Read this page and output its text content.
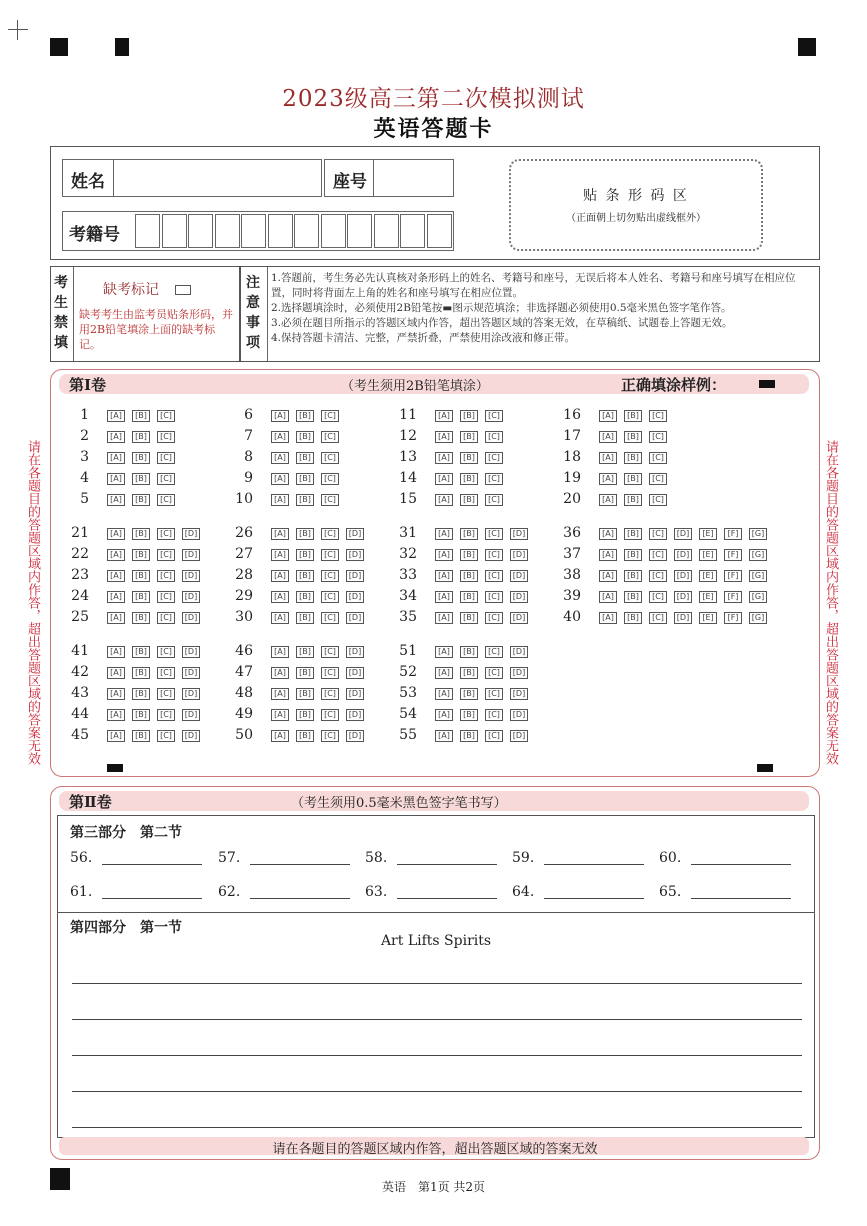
2023级高三第二次模拟测试
英语答题卡
姓名	座号
考籍号
贴 条 形 码 区
（正面朝上切勿贴出虚线框外）
考生禁填
缺考标记
缺考考生由监考员贴条形码，并用2B铅笔填涂上面的缺考标记。
注意事项
1.答题前，考生务必先认真核对条形码上的姓名、考籍号和座号，无误后将本人姓名、考籍号和座号填写在相应位置，同时将背面左上角的姓名和座号填写在相应位置。
2.选择题填涂时，必须使用2B铅笔按▬图示规范填涂；非选择题必须使用0.5毫米黑色签字笔作答。
3.必须在题目所指示的答题区域内作答，超出答题区域的答案无效，在草稿纸、试题卷上答题无效。
4.保持答题卡清洁、完整，严禁折叠，严禁使用涂改液和修正带。
请在各题目的答题区域内作答，超出答题区域的答案无效	请在各题目的答题区域内作答，超出答题区域的答案无效
第Ⅰ卷	（考生须用2B铅笔填涂）	正确填涂样例：
1	[A]	[B]	[C]
2	[A]	[B]	[C]
3	[A]	[B]	[C]
4	[A]	[B]	[C]
5	[A]	[B]	[C]
6	[A]	[B]	[C]
7	[A]	[B]	[C]
8	[A]	[B]	[C]
9	[A]	[B]	[C]
10	[A]	[B]	[C]
11	[A]	[B]	[C]
12	[A]	[B]	[C]
13	[A]	[B]	[C]
14	[A]	[B]	[C]
15	[A]	[B]	[C]
16	[A]	[B]	[C]
17	[A]	[B]	[C]
18	[A]	[B]	[C]
19	[A]	[B]	[C]
20	[A]	[B]	[C]
21	[A]	[B]	[C]	[D]
22	[A]	[B]	[C]	[D]
23	[A]	[B]	[C]	[D]
24	[A]	[B]	[C]	[D]
25	[A]	[B]	[C]	[D]
26	[A]	[B]	[C]	[D]
27	[A]	[B]	[C]	[D]
28	[A]	[B]	[C]	[D]
29	[A]	[B]	[C]	[D]
30	[A]	[B]	[C]	[D]
31	[A]	[B]	[C]	[D]
32	[A]	[B]	[C]	[D]
33	[A]	[B]	[C]	[D]
34	[A]	[B]	[C]	[D]
35	[A]	[B]	[C]	[D]
36	[A]	[B]	[C]	[D]	[E]	[F]	[G]
37	[A]	[B]	[C]	[D]	[E]	[F]	[G]
38	[A]	[B]	[C]	[D]	[E]	[F]	[G]
39	[A]	[B]	[C]	[D]	[E]	[F]	[G]
40	[A]	[B]	[C]	[D]	[E]	[F]	[G]
41	[A]	[B]	[C]	[D]
42	[A]	[B]	[C]	[D]
43	[A]	[B]	[C]	[D]
44	[A]	[B]	[C]	[D]
45	[A]	[B]	[C]	[D]
46	[A]	[B]	[C]	[D]
47	[A]	[B]	[C]	[D]
48	[A]	[B]	[C]	[D]
49	[A]	[B]	[C]	[D]
50	[A]	[B]	[C]	[D]
51	[A]	[B]	[C]	[D]
52	[A]	[B]	[C]	[D]
53	[A]	[B]	[C]	[D]
54	[A]	[B]	[C]	[D]
55	[A]	[B]	[C]	[D]
第Ⅱ卷	（考生须用0.5毫米黑色签字笔书写）
第三部分　第二节
56.	57.	58.	59.	60.
61.	62.	63.	64.	65.
第四部分　第一节
Art Lifts Spirits
请在各题目的答题区域内作答，超出答题区域的答案无效
英语　第1页 共2页
